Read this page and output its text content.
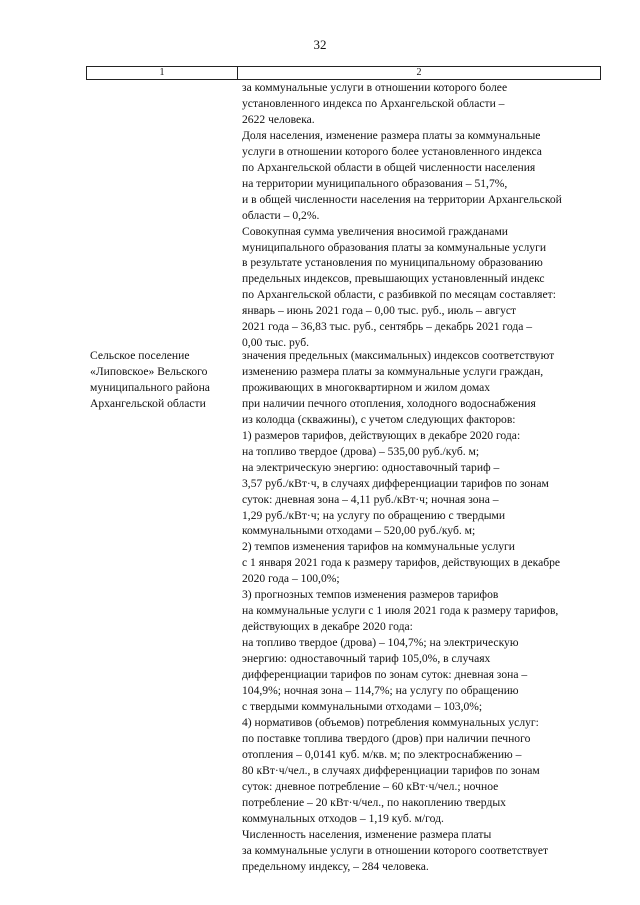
32
1	2
за коммунальные услуги в отношении которого более
установленного индекса по Архангельской области –
2622 человека.
Доля населения, изменение размера платы за коммунальные
услуги в отношении которого более установленного индекса
по Архангельской области в общей численности населения
на территории муниципального образования – 51,7%,
и в общей численности населения на территории Архангельской
области – 0,2%.
Совокупная сумма увеличения вносимой гражданами
муниципального образования платы за коммунальные услуги
в результате установления по муниципальному образованию
предельных индексов, превышающих установленный индекс
по Архангельской области, с разбивкой по месяцам составляет:
январь – июнь 2021 года – 0,00 тыс. руб., июль – август
2021 года – 36,83 тыс. руб., сентябрь – декабрь 2021 года –
0,00 тыс. руб.
Сельское поселение
«Липовское» Вельского
муниципального района
Архангельской области
значения предельных (максимальных) индексов соответствуют
изменению размера платы за коммунальные услуги граждан,
проживающих в многоквартирном и жилом домах
при наличии печного отопления, холодного водоснабжения
из колодца (скважины), с учетом следующих факторов:
1) размеров тарифов, действующих в декабре 2020 года:
на топливо твердое (дрова) – 535,00 руб./куб. м;
на электрическую энергию: одноставочный тариф –
3,57 руб./кВт·ч, в случаях дифференциации тарифов по зонам
суток: дневная зона – 4,11 руб./кВт·ч; ночная зона –
1,29 руб./кВт·ч; на услугу по обращению с твердыми
коммунальными отходами – 520,00 руб./куб. м;
2) темпов изменения тарифов на коммунальные услуги
с 1 января 2021 года к размеру тарифов, действующих в декабре
2020 года – 100,0%;
3) прогнозных темпов изменения размеров тарифов
на коммунальные услуги с 1 июля 2021 года к размеру тарифов,
действующих в декабре 2020 года:
на топливо твердое (дрова) – 104,7%; на электрическую
энергию: одноставочный тариф 105,0%, в случаях
дифференциации тарифов по зонам суток: дневная зона –
104,9%; ночная зона – 114,7%; на услугу по обращению
с твердыми коммунальными отходами – 103,0%;
4) нормативов (объемов) потребления коммунальных услуг:
по поставке топлива твердого (дров) при наличии печного
отопления – 0,0141 куб. м/кв. м; по электроснабжению –
80 кВт·ч/чел., в случаях дифференциации тарифов по зонам
суток: дневное потребление – 60 кВт·ч/чел.; ночное
потребление – 20 кВт·ч/чел., по накоплению твердых
коммунальных отходов – 1,19 куб. м/год.
Численность населения, изменение размера платы
за коммунальные услуги в отношении которого соответствует
предельному индексу, – 284 человека.
